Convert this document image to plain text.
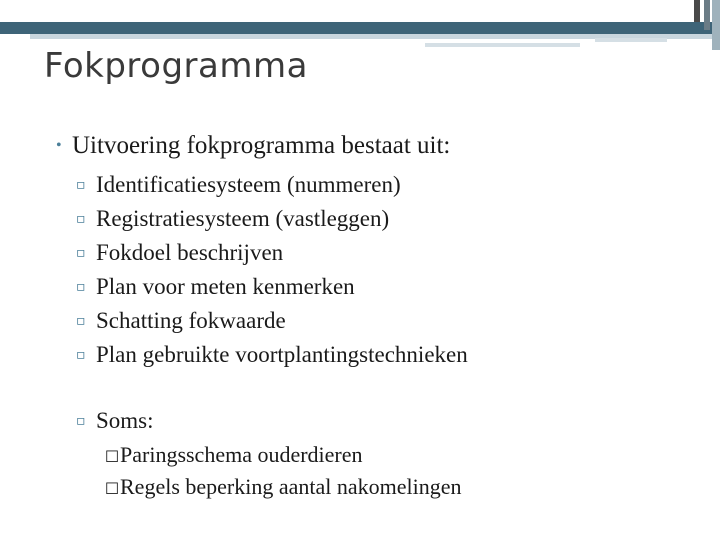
Fokprogramma
• Uitvoering fokprogramma bestaat uit:
▫ Identificatiesysteem (nummeren)
▫ Registratiesysteem (vastleggen)
▫ Fokdoel beschrijven
▫ Plan voor meten kenmerken
▫ Schatting fokwaarde
▫ Plan gebruikte voortplantingstechnieken
▫ Soms:
☐ Paringsschema ouderdieren
☐ Regels beperking aantal nakomelingen
